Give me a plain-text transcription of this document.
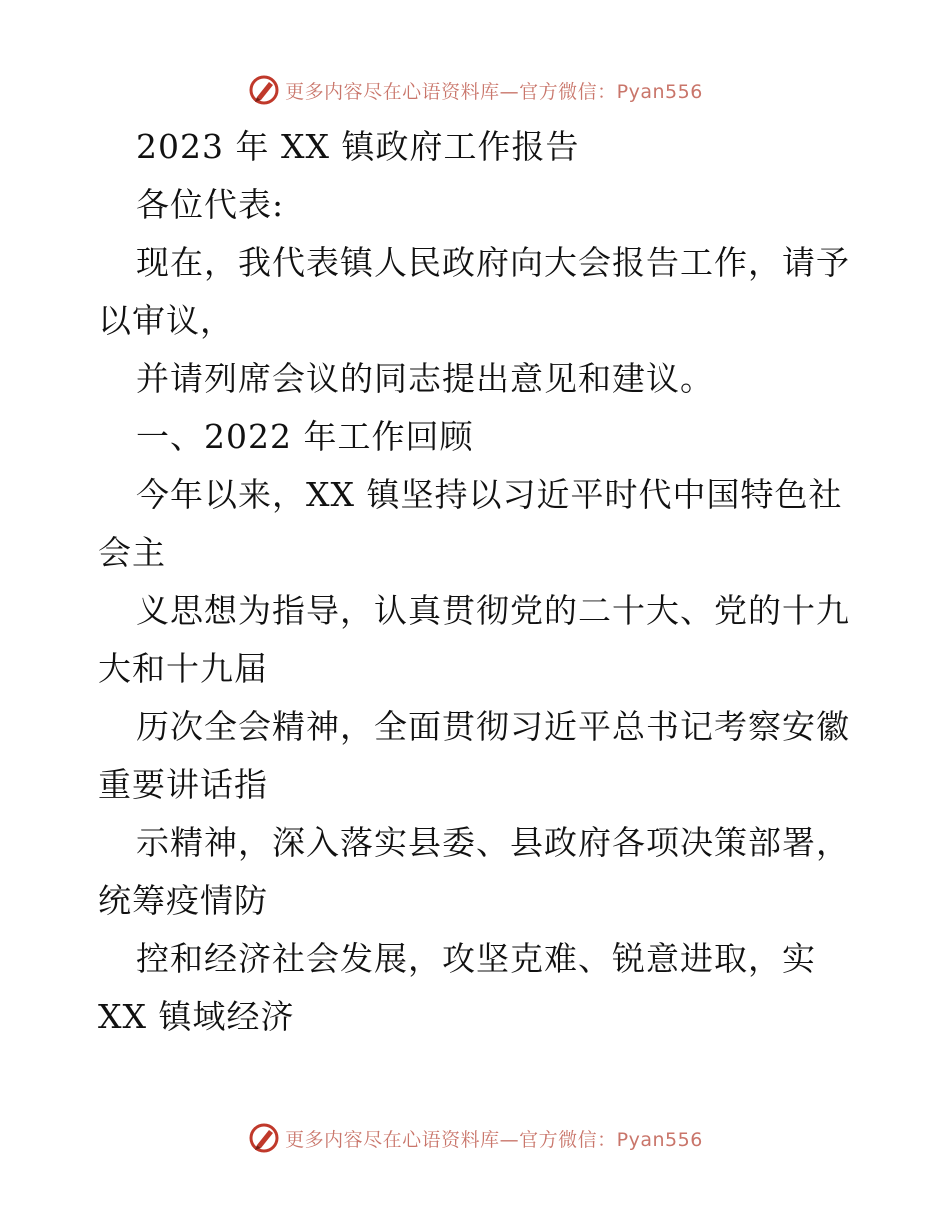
更多内容尽在心语资料库—官方微信：Pyan556
2023 年 XX 镇政府工作报告
各位代表:
现在，我代表镇人民政府向大会报告工作，请予
以审议，
并请列席会议的同志提出意见和建议。
一、2022 年工作回顾
今年以来，XX 镇坚持以习近平时代中国特色社
会主
义思想为指导，认真贯彻党的二十大、党的十九
大和十九届
历次全会精神，全面贯彻习近平总书记考察安徽
重要讲话指
示精神，深入落实县委、县政府各项决策部署，
统筹疫情防
控和经济社会发展，攻坚克难、锐意进取，实
XX 镇域经济
更多内容尽在心语资料库—官方微信：Pyan556
